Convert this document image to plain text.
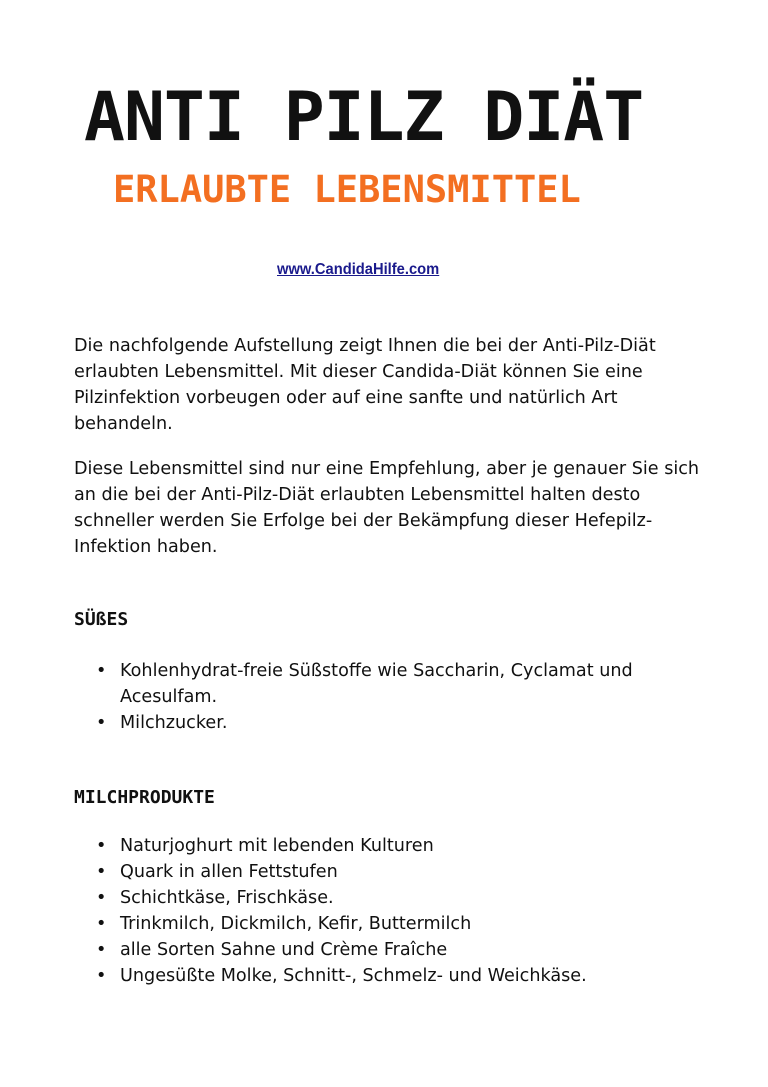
ANTI PILZ DIÄT
ERLAUBTE LEBENSMITTEL
www.CandidaHilfe.com

Die nachfolgende Aufstellung zeigt Ihnen die bei der Anti-Pilz-Diät erlaubten Lebensmittel. Mit dieser Candida-Diät können Sie eine Pilzinfektion vorbeugen oder auf eine sanfte und natürlich Art behandeln.

Diese Lebensmittel sind nur eine Empfehlung, aber je genauer Sie sich an die bei der Anti-Pilz-Diät erlaubten Lebensmittel halten desto schneller werden Sie Erfolge bei der Bekämpfung dieser Hefepilz-Infektion haben.

SÜßES
• Kohlenhydrat-freie Süßstoffe wie Saccharin, Cyclamat und Acesulfam.
• Milchzucker.
MILCHPRODUKTE
• Naturjoghurt mit lebenden Kulturen
• Quark in allen Fettstufen
• Schichtkäse, Frischkäse.
• Trinkmilch, Dickmilch, Kefir, Buttermilch
• alle Sorten Sahne und Crème Fraîche
• Ungesüßte Molke, Schnitt-, Schmelz- und Weichkäse.
